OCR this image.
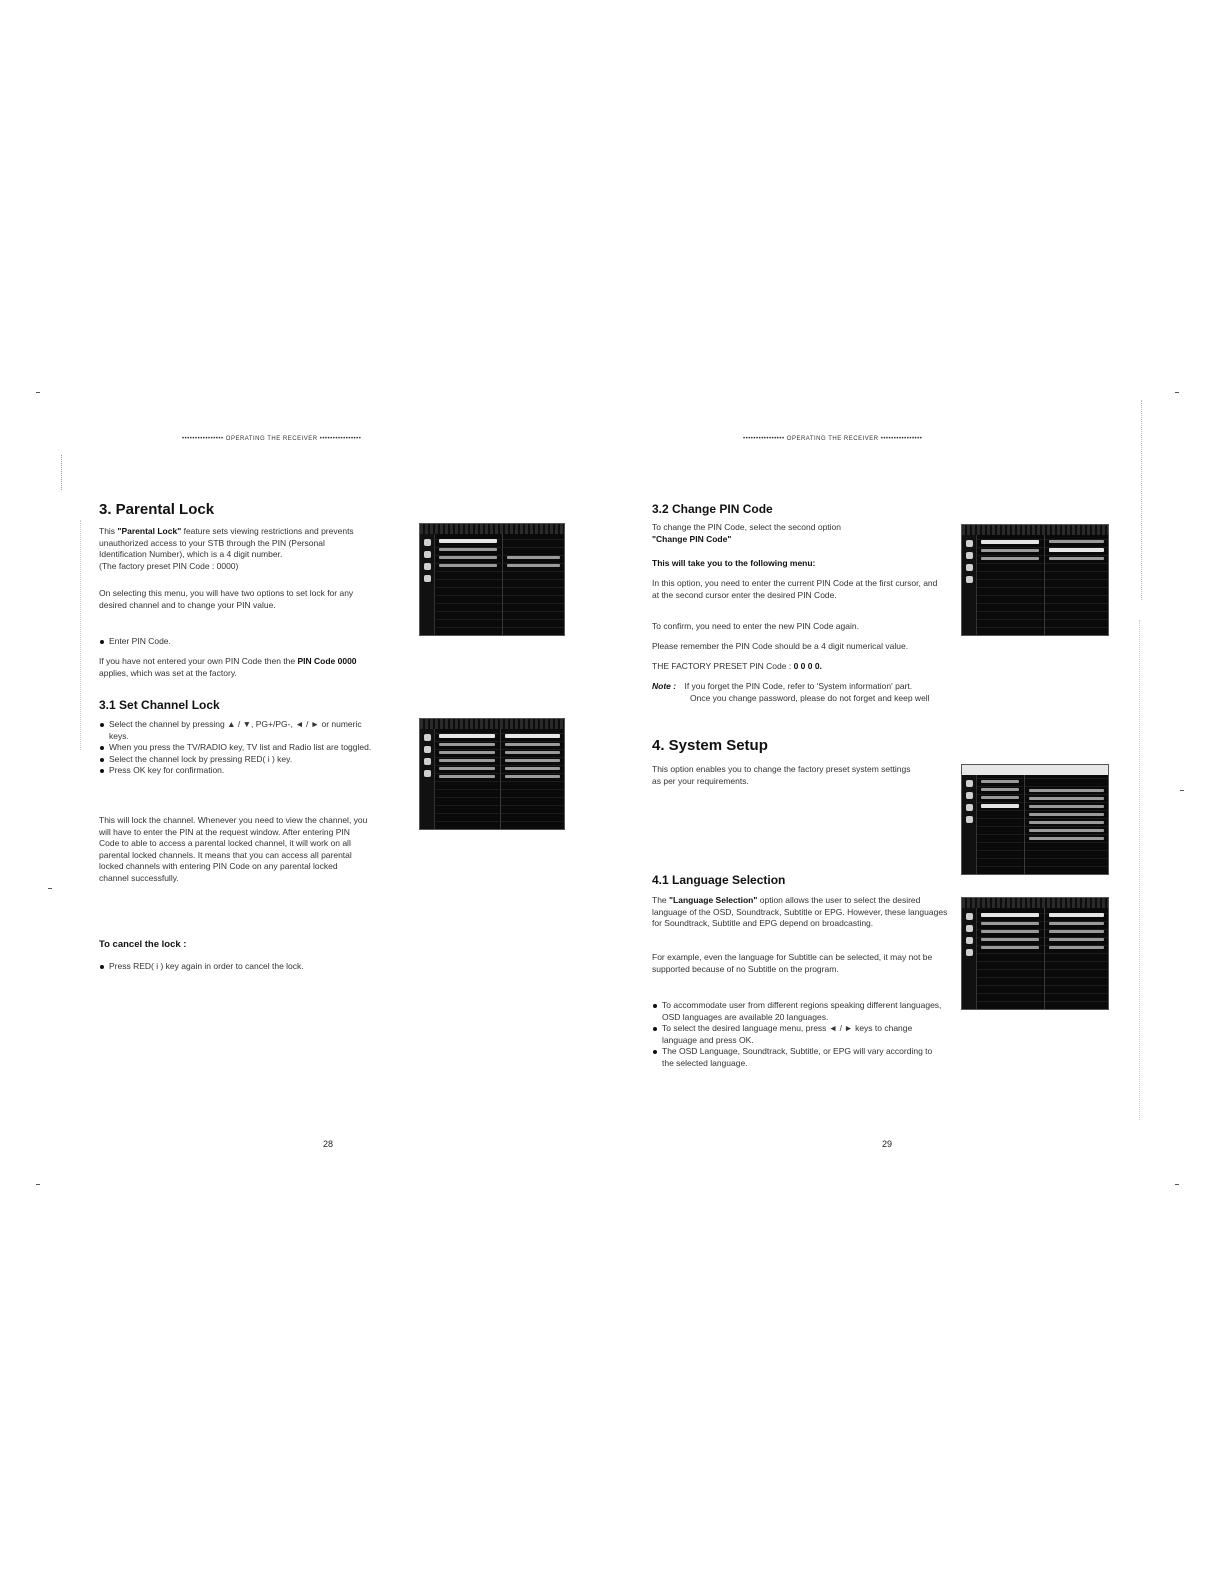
•••••••••••••••• OPERATING THE RECEIVER ••••••••••••••••
3. Parental Lock

This "Parental Lock" feature sets viewing restrictions and prevents unauthorized access to your STB through the PIN (Personal Identification Number), which is a 4 digit number.
(The factory preset PIN Code : 0000)

On selecting this menu, you will have two options to set lock for any desired channel and to change your PIN value.

Enter PIN Code.

If you have not entered your own PIN Code then the PIN Code 0000 applies, which was set at the factory.

3.1 Set Channel Lock
Select the channel by pressing ▲ / ▼, PG+/PG-, ◄ / ► or numeric keys.
When you press the TV/RADIO key, TV list and Radio list are toggled.
Select the channel lock by pressing RED( i ) key.
Press OK key for confirmation.

This will lock the channel. Whenever you need to view the channel, you will have to enter the PIN at the request window. After entering PIN Code to able to access a parental locked channel, it will work on all parental locked channels. It means that you can access all parental locked channels with entering PIN Code on any parental locked channel successfully.

To cancel the lock :
Press RED( i ) key again in order to cancel the lock.
28
•••••••••••••••• OPERATING THE RECEIVER ••••••••••••••••
3.2 Change PIN Code

To change the PIN Code, select the second option
"Change PIN Code"

This will take you to the following menu:

In this option, you need to enter the current PIN Code at the first cursor, and at the second cursor enter the desired PIN Code.

To confirm, you need to enter the new PIN Code again.

Please remember the PIN Code should be a 4 digit numerical value.

THE FACTORY PRESET PIN Code : 0 0 0 0.

Note : If you forget the PIN Code, refer to 'System information' part.
Once you change password, please do not forget and keep well
4. System Setup

This option enables you to change the factory preset system settings as per your requirements.

4.1 Language Selection

The "Language Selection" option allows the user to select the desired language of the OSD, Soundtrack, Subtitle or EPG. However, these languages for Soundtrack, Subtitle and EPG depend on broadcasting.

For example, even the language for Subtitle can be selected, it may not be supported because of no Subtitle on the program.

To accommodate user from different regions speaking different languages, OSD languages are available 20 languages.
To select the desired language menu, press ◄ / ► keys to change language and press OK.
The OSD Language, Soundtrack, Subtitle, or EPG will vary according to the selected language.
29
